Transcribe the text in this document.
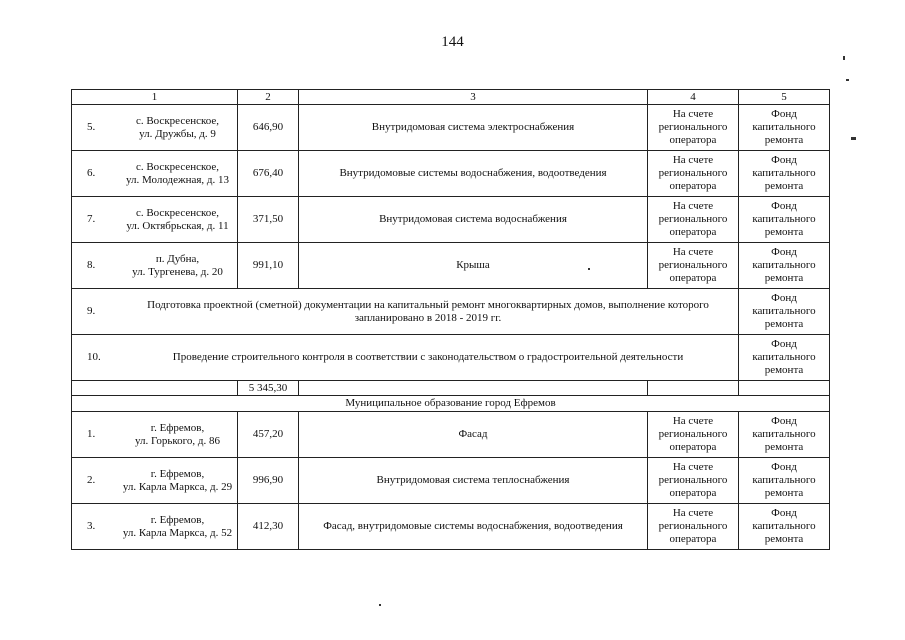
144
1	2	3	4	5

5.
с. Воскресенское,
ул. Дружбы, д. 9	646,90	Внутридомовая система электроснабжения	На счете
регионального
оператора	Фонд
капитального
ремонта

6.
с. Воскресенское,
ул. Молодежная, д. 13	676,40	Внутридомовые системы водоснабжения, водоотведения	На счете
регионального
оператора	Фонд
капитального
ремонта

7.
с. Воскресенское,
ул. Октябрьская, д. 11	371,50	Внутридомовая система водоснабжения	На счете
регионального
оператора	Фонд
капитального
ремонта

8.
п. Дубна,
ул. Тургенева, д. 20	991,10	Крыша	На счете
регионального
оператора	Фонд
капитального
ремонта

9.
Подготовка проектной (сметной) документации на капитальный ремонт многоквартирных домов, выполнение которого
запланировано в 2018 - 2019 гг.				Фонд
капитального
ремонта

10. Проведение строительного контроля в соответствии с законодательством о градостроительной деятельности				Фонд
капитального
ремонта
	5 345,30			
Муниципальное образование город Ефремов				

1.
г. Ефремов,
ул. Горького, д. 86	457,20	Фасад	На счете
регионального
оператора	Фонд
капитального
ремонта

2.
г. Ефремов,
ул. Карла Маркса, д. 29	996,90	Внутридомовая система теплоснабжения	На счете
регионального
оператора	Фонд
капитального
ремонта

3.
г. Ефремов,
ул. Карла Маркса, д. 52	412,30	Фасад, внутридомовые системы водоснабжения, водоотведения	На счете
регионального
оператора	Фонд
капитального
ремонта
